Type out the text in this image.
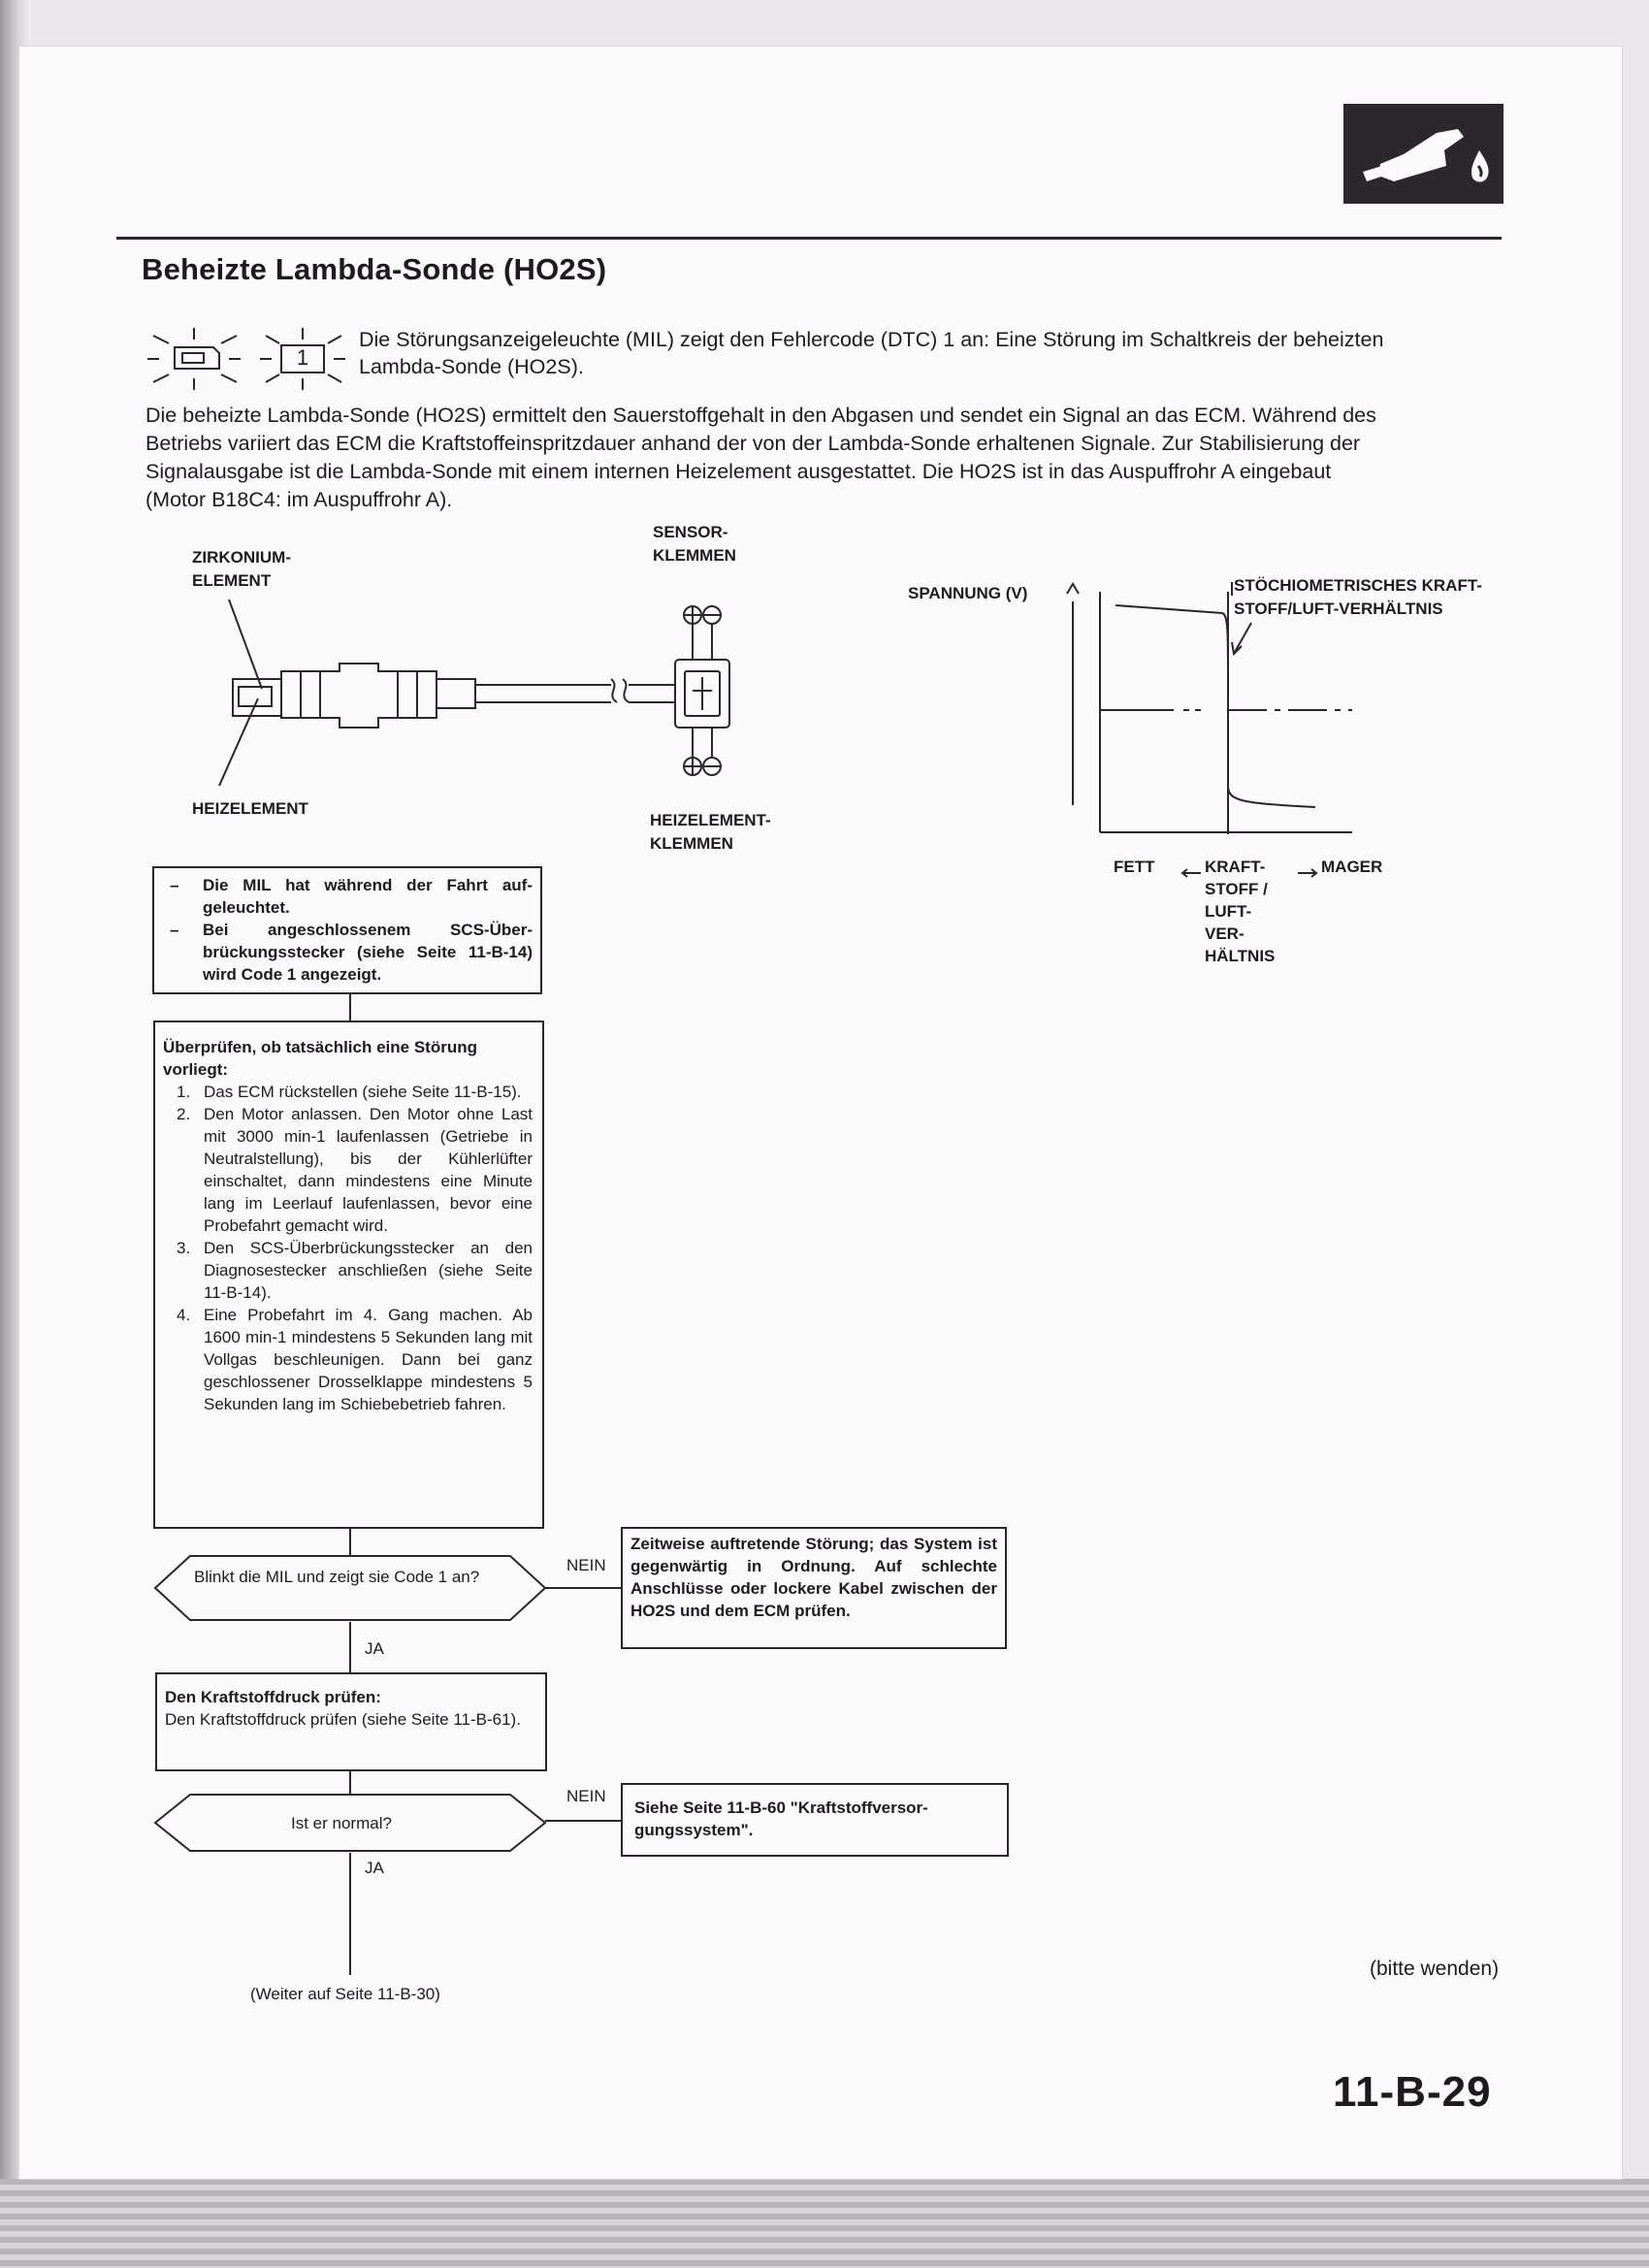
Beheizte Lambda-Sonde (HO2S)
1
Die Störungsanzeigeleuchte (MIL) zeigt den Fehlercode (DTC) 1 an: Eine Störung im Schaltkreis der beheizten
Lambda-Sonde (HO2S).
Die beheizte Lambda-Sonde (HO2S) ermittelt den Sauerstoffgehalt in den Abgasen und sendet ein Signal an das ECM. Während des
Betriebs variiert das ECM die Kraftstoffeinspritzdauer anhand der von der Lambda-Sonde erhaltenen Signale. Zur Stabilisierung der
Signalausgabe ist die Lambda-Sonde mit einem internen Heizelement ausgestattet. Die HO2S ist in das Auspuffrohr A eingebaut
(Motor B18C4: im Auspuffrohr A).
ZIRKONIUM-
ELEMENT
HEIZELEMENT
SENSOR-
KLEMMEN
HEIZELEMENT-
KLEMMEN
SPANNUNG (V)	STÖCHIOMETRISCHES KRAFT-
STOFF/LUFT-VERHÄLTNIS
FETT	MAGER
KRAFT-
STOFF /
LUFT-
VER-
HÄLTNIS
– Die MIL hat während der Fahrt aufgeleuchtet.
– Bei angeschlossenem SCS-Überbrückungsstecker (siehe Seite 11-B-14) wird Code 1 angezeigt.
Überprüfen, ob tatsächlich eine Störung vorliegt:
1. Das ECM rückstellen (siehe Seite 11-B-15).
2. Den Motor anlassen. Den Motor ohne Last mit 3000 min-1 laufenlassen (Getriebe in Neutralstellung), bis der Kühlerlüfter einschaltet, dann mindestens eine Minute lang im Leerlauf laufenlassen, bevor eine Probefahrt gemacht wird.
3. Den SCS-Überbrückungsstecker an den Diagnosestecker anschließen (siehe Seite 11-B-14).
4. Eine Probefahrt im 4. Gang machen. Ab 1600 min-1 mindestens 5 Sekunden lang mit Vollgas beschleunigen. Dann bei ganz geschlossener Drosselklappe mindestens 5 Sekunden lang im Schiebebetrieb fahren.
Blinkt die MIL und zeigt sie Code 1 an?
NEIN
Zeitweise auftretende Störung; das System ist gegenwärtig in Ordnung. Auf schlechte Anschlüsse oder lockere Kabel zwischen der HO2S und dem ECM prüfen.
JA
Den Kraftstoffdruck prüfen:
Den Kraftstoffdruck prüfen (siehe Seite 11-B-61).
Ist er normal?
NEIN
Siehe Seite 11-B-60 "Kraftstoffversorgungssystem".
JA
(Weiter auf Seite 11-B-30)
(bitte wenden)
11-B-29
